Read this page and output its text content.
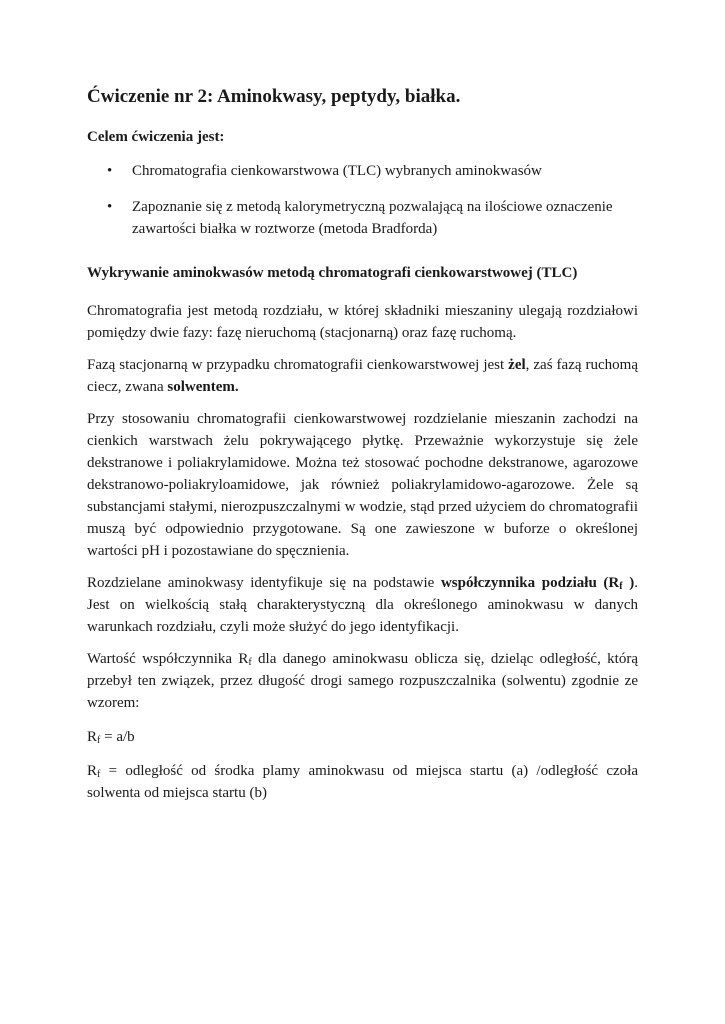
Ćwiczenie nr 2: Aminokwasy, peptydy, białka.
Celem ćwiczenia jest:
• Chromatografia cienkowarstwowa (TLC) wybranych aminokwasów
• Zapoznanie się z metodą kalorymetryczną pozwalającą na ilościowe oznaczenie zawartości białka w roztworze (metoda Bradforda)
Wykrywanie aminokwasów metodą chromatografi cienkowarstwowej (TLC)

Chromatografia jest metodą rozdziału, w której składniki mieszaniny ulegają rozdziałowi pomiędzy dwie fazy: fazę nieruchomą (stacjonarną) oraz fazę ruchomą.

Fazą stacjonarną w przypadku chromatografii cienkowarstwowej jest żel, zaś fazą ruchomą ciecz, zwana solwentem.

Przy stosowaniu chromatografii cienkowarstwowej rozdzielanie mieszanin zachodzi na cienkich warstwach żelu pokrywającego płytkę. Przeważnie wykorzystuje się żele dekstranowe i poliakrylamidowe. Można też stosować pochodne dekstranowe, agarozowe dekstranowo-poliakryloamidowe, jak również poliakrylamidowo-agarozowe. Żele są substancjami stałymi, nierozpuszczalnymi w wodzie, stąd przed użyciem do chromatografii muszą być odpowiednio przygotowane. Są one zawieszone w buforze o określonej wartości pH i pozostawiane do spęcznienia.

Rozdzielane aminokwasy identyfikuje się na podstawie współczynnika podziału ($R_f$ ). Jest on wielkością stałą charakterystyczną dla określonego aminokwasu w danych warunkach rozdziału, czyli może służyć do jego identyfikacji.

Wartość współczynnika $R_f$ dla danego aminokwasu oblicza się, dzieląc odległość, którą przebył ten związek, przez długość drogi samego rozpuszczalnika (solwentu) zgodnie ze wzorem:

$R_f = a/b$

$R_f$ = odległość od środka plamy aminokwasu od miejsca startu (a) /odległość czoła solwenta od miejsca startu (b)
